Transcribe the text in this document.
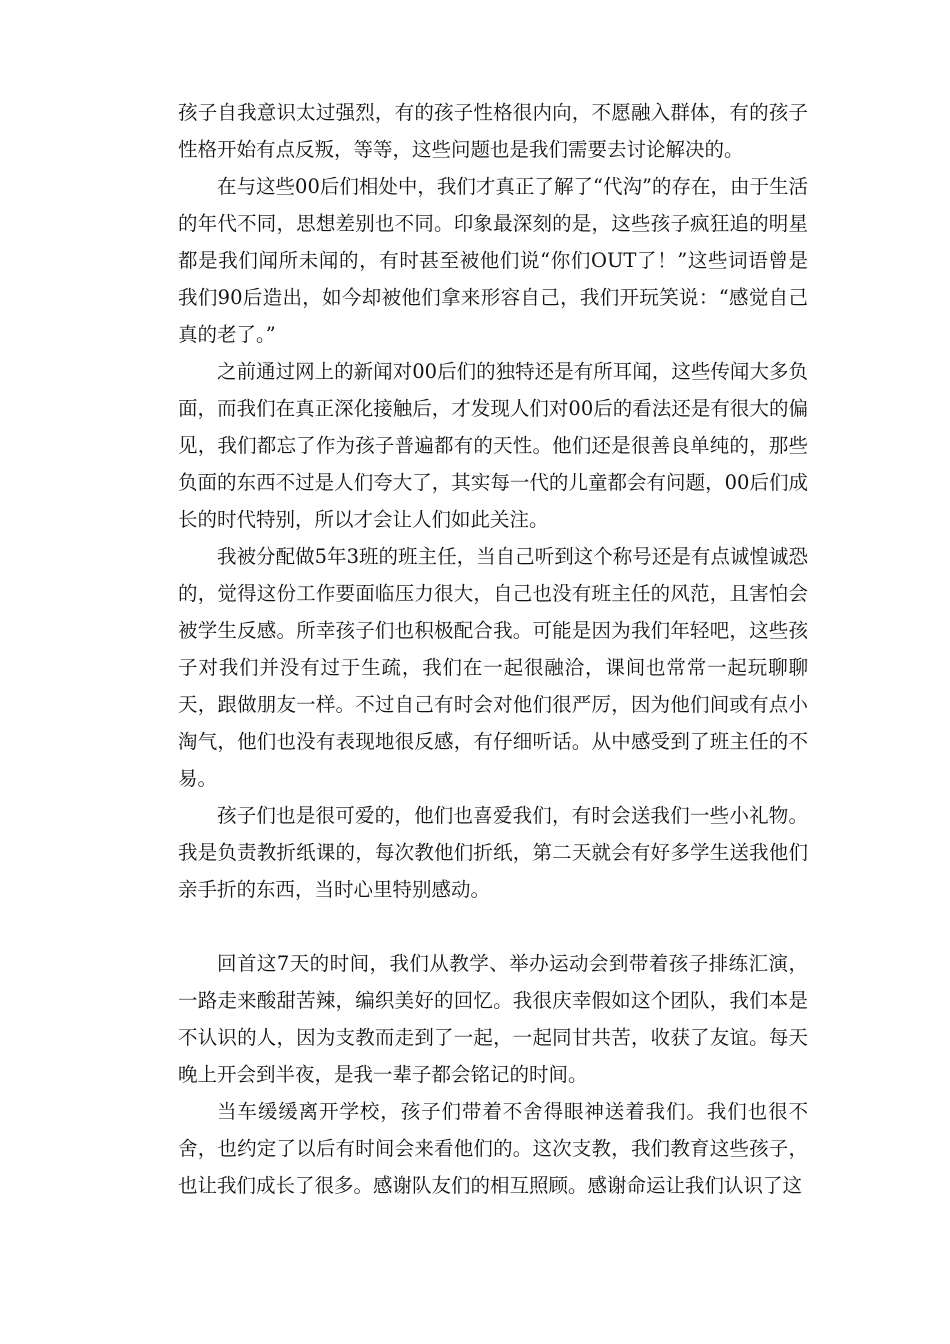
孩子自我意识太过强烈，有的孩子性格很内向，不愿融入群体，有的孩子性格开始有点反叛，等等，这些问题也是我们需要去讨论解决的。

在与这些00后们相处中，我们才真正了解了“代沟”的存在，由于生活的年代不同，思想差别也不同。印象最深刻的是，这些孩子疯狂追的明星都是我们闻所未闻的，有时甚至被他们说“你们OUT了！”这些词语曾是我们90后造出，如今却被他们拿来形容自己，我们开玩笑说：“感觉自己真的老了。”

之前通过网上的新闻对00后们的独特还是有所耳闻，这些传闻大多负面，而我们在真正深化接触后，才发现人们对00后的看法还是有很大的偏见，我们都忘了作为孩子普遍都有的天性。他们还是很善良单纯的，那些负面的东西不过是人们夸大了，其实每一代的儿童都会有问题，00后们成长的时代特别，所以才会让人们如此关注。

我被分配做5年3班的班主任，当自己听到这个称号还是有点诚惶诚恐的，觉得这份工作要面临压力很大，自己也没有班主任的风范，且害怕会被学生反感。所幸孩子们也积极配合我。可能是因为我们年轻吧，这些孩子对我们并没有过于生疏，我们在一起很融洽，课间也常常一起玩聊聊天，跟做朋友一样。不过自己有时会对他们很严厉，因为他们间或有点小淘气，他们也没有表现地很反感，有仔细听话。从中感受到了班主任的不易。

孩子们也是很可爱的，他们也喜爱我们，有时会送我们一些小礼物。我是负责教折纸课的，每次教他们折纸，第二天就会有好多学生送我他们亲手折的东西，当时心里特别感动。

回首这7天的时间，我们从教学、举办运动会到带着孩子排练汇演，一路走来酸甜苦辣，编织美好的回忆。我很庆幸假如这个团队，我们本是不认识的人，因为支教而走到了一起，一起同甘共苦，收获了友谊。每天晚上开会到半夜，是我一辈子都会铭记的时间。

当车缓缓离开学校，孩子们带着不舍得眼神送着我们。我们也很不舍，也约定了以后有时间会来看他们的。这次支教，我们教育这些孩子，也让我们成长了很多。感谢队友们的相互照顾。感谢命运让我们认识了这
